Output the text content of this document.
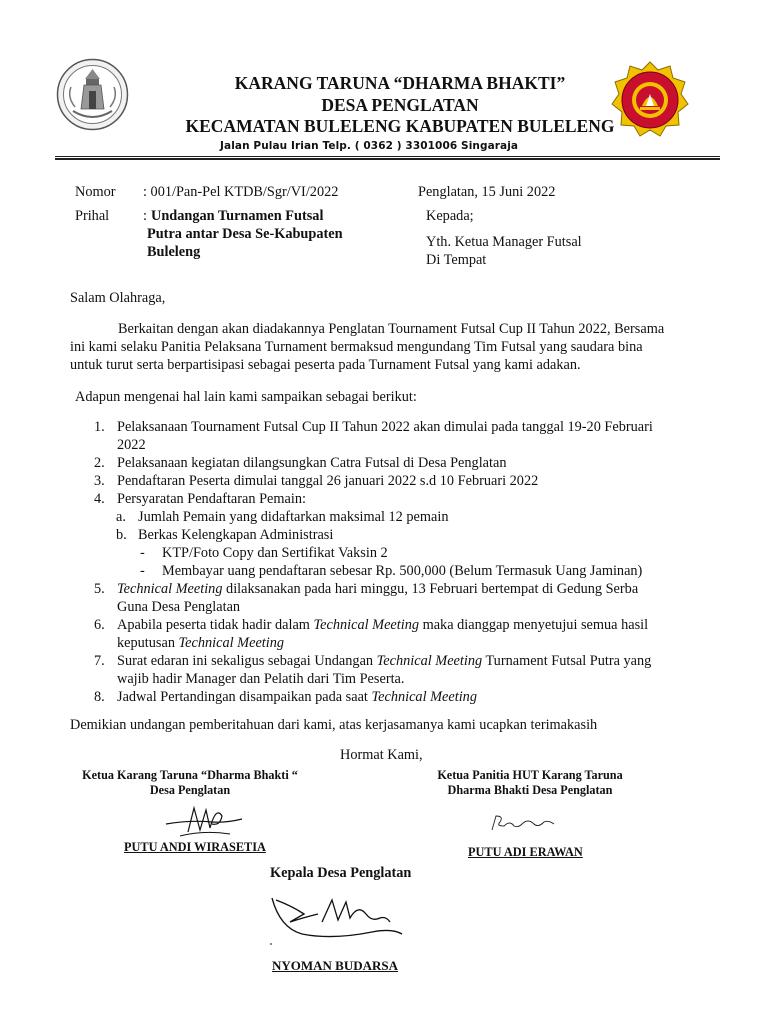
KARANG TARUNA “DHARMA BHAKTI”
DESA PENGLATAN
KECAMATAN BULELENG KABUPATEN BULELENG
Jalan Pulau Irian Telp. ( 0362 ) 3301006 Singaraja
Nomor : 001/Pan-Pel KTDB/Sgr/VI/2022	Penglatan, 15 Juni 2022
Prihal : Undangan Turnamen Futsal
Putra antar Desa Se-Kabupaten
Buleleng
Kepada;
Yth. Ketua Manager Futsal
Di Tempat
Salam Olahraga,
Berkaitan dengan akan diadakannya Penglatan Tournament Futsal Cup II Tahun 2022, Bersama
ini kami selaku Panitia Pelaksana Turnament bermaksud mengundang Tim Futsal yang saudara bina
untuk turut serta berpartisipasi sebagai peserta pada Turnament Futsal yang kami adakan.
Adapun mengenai hal lain kami sampaikan sebagai berikut:
1. Pelaksanaan Tournament Futsal Cup II Tahun 2022 akan dimulai pada tanggal 19-20 Februari
2022
2. Pelaksanaan kegiatan dilangsungkan Catra Futsal di Desa Penglatan
3. Pendaftaran Peserta dimulai tanggal 26 januari 2022 s.d 10 Februari 2022
4. Persyaratan Pendaftaran Pemain:
a. Jumlah Pemain yang didaftarkan maksimal 12 pemain
b. Berkas Kelengkapan Administrasi
- KTP/Foto Copy dan Sertifikat Vaksin 2
- Membayar uang pendaftaran sebesar Rp. 500,000 (Belum Termasuk Uang Jaminan)
5. Technical Meeting dilaksanakan pada hari minggu, 13 Februari bertempat di Gedung Serba
Guna Desa Penglatan
6. Apabila peserta tidak hadir dalam Technical Meeting maka dianggap menyetujui semua hasil
keputusan Technical Meeting
7. Surat edaran ini sekaligus sebagai Undangan Technical Meeting Turnament Futsal Putra yang
wajib hadir Manager dan Pelatih dari Tim Peserta.
8. Jadwal Pertandingan disampaikan pada saat Technical Meeting
Demikian undangan pemberitahuan dari kami, atas kerjasamanya kami ucapkan terimakasih
Hormat Kami,
Ketua Karang Taruna “Dharma Bhakti “
Desa Penglatan
PUTU ANDI WIRASETIA
Ketua Panitia HUT Karang Taruna
Dharma Bhakti Desa Penglatan
PUTU ADI ERAWAN
Kepala Desa Penglatan
NYOMAN BUDARSA
